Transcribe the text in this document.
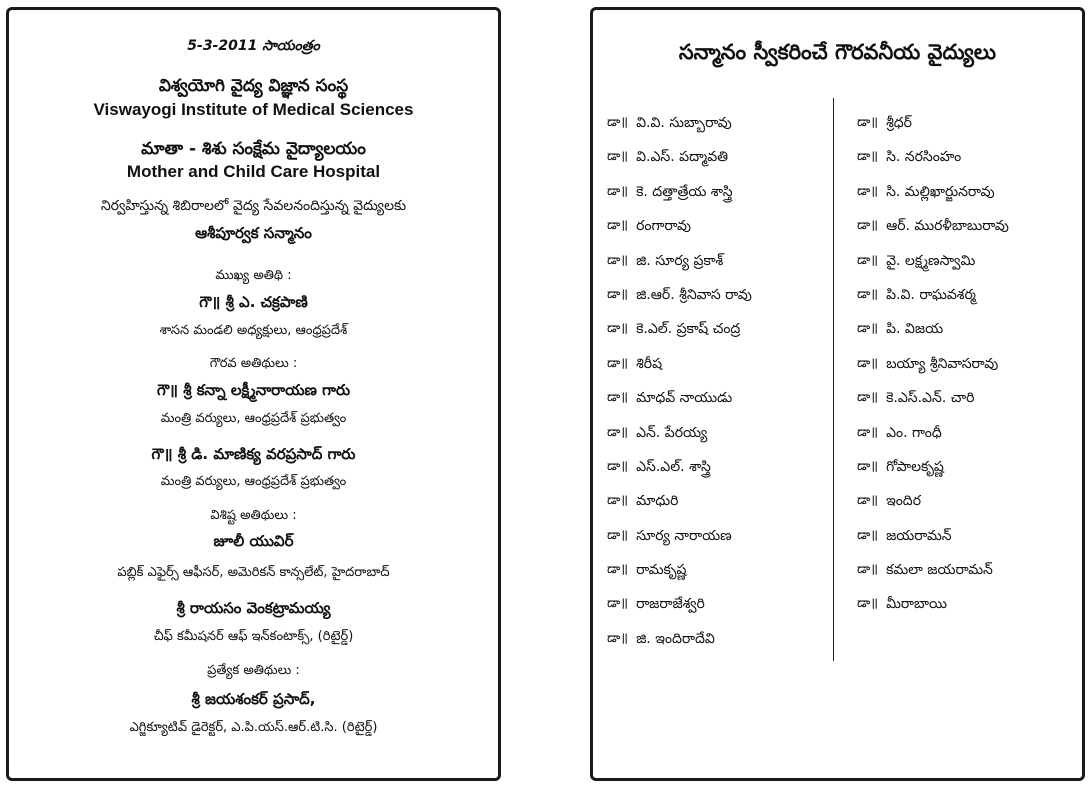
5-3-2011 సాయంత్రం
విశ్వయోగి వైద్య విజ్ఞాన సంస్థ
Viswayogi Institute of Medical Sciences
మాతా - శిశు సంక్షేమ వైద్యాలయం
Mother and Child Care Hospital
నిర్వహిస్తున్న శిబిరాలలో వైద్య సేవలనందిస్తున్న వైద్యులకు
ఆశీపూర్వక సన్మానం
ముఖ్య అతిథి :
గౌ॥ శ్రీ ఎ. చక్రపాణి
శాసన మండలి అధ్యక్షులు, ఆంధ్రప్రదేశ్
గౌరవ అతిథులు :
గౌ॥ శ్రీ కన్నా లక్ష్మీనారాయణ గారు
మంత్రి వర్యులు, ఆంధ్రప్రదేశ్ ప్రభుత్వం
గౌ॥ శ్రీ డి. మాణిక్య వరప్రసాద్ గారు
మంత్రి వర్యులు, ఆంధ్రప్రదేశ్ ప్రభుత్వం
విశిష్ట అతిథులు :
జూలీ యువిర్
పబ్లిక్ ఎఫైర్స్ ఆఫీసర్, అమెరికన్ కాన్సలేట్, హైదరాబాద్
శ్రీ రాయసం వెంకట్రామయ్య
చీఫ్ కమీషనర్ ఆఫ్ ఇన్‌కంటాక్స్, (రిటైర్డ్)
ప్రత్యేక అతిథులు :
శ్రీ జయశంకర్ ప్రసాద్,
ఎగ్జిక్యూటివ్ డైరెక్టర్, ఎ.పి.యస్.ఆర్.టి.సి. (రిటైర్డ్)
సన్మానం స్వీకరించే గౌరవనీయ వైద్యులు
డా॥ వి.వి. సుబ్బారావు
డా॥ వి.ఎస్. పద్మావతి
డా॥ కె. దత్తాత్రేయ శాస్త్రి
డా॥ రంగారావు
డా॥ జి. సూర్య ప్రకాశ్
డా॥ జి.ఆర్. శ్రీనివాస రావు
డా॥ కె.ఎల్. ప్రకాష్ చంద్ర
డా॥ శిరీష
డా॥ మాధవ్ నాయుడు
డా॥ ఎన్. పేరయ్య
డా॥ ఎస్.ఎల్. శాస్త్రి
డా॥ మాధురి
డా॥ సూర్య నారాయణ
డా॥ రామకృష్ణ
డా॥ రాజరాజేశ్వరి
డా॥ జి. ఇందిరాదేవి
డా॥ శ్రీధర్
డా॥ సి. నరసింహం
డా॥ సి. మల్లిఖార్జునరావు
డా॥ ఆర్. మురళీబాబురావు
డా॥ వై. లక్ష్మణస్వామి
డా॥ పి.వి. రాఘవశర్మ
డా॥ పి. విజయ
డా॥ బయ్యా శ్రీనివాసరావు
డా॥ కె.ఎస్.ఎన్. చారి
డా॥ ఎం. గాంధీ
డా॥ గోపాలకృష్ణ
డా॥ ఇందిర
డా॥ జయరామన్
డా॥ కమలా జయరామన్
డా॥ మీరాబాయి
